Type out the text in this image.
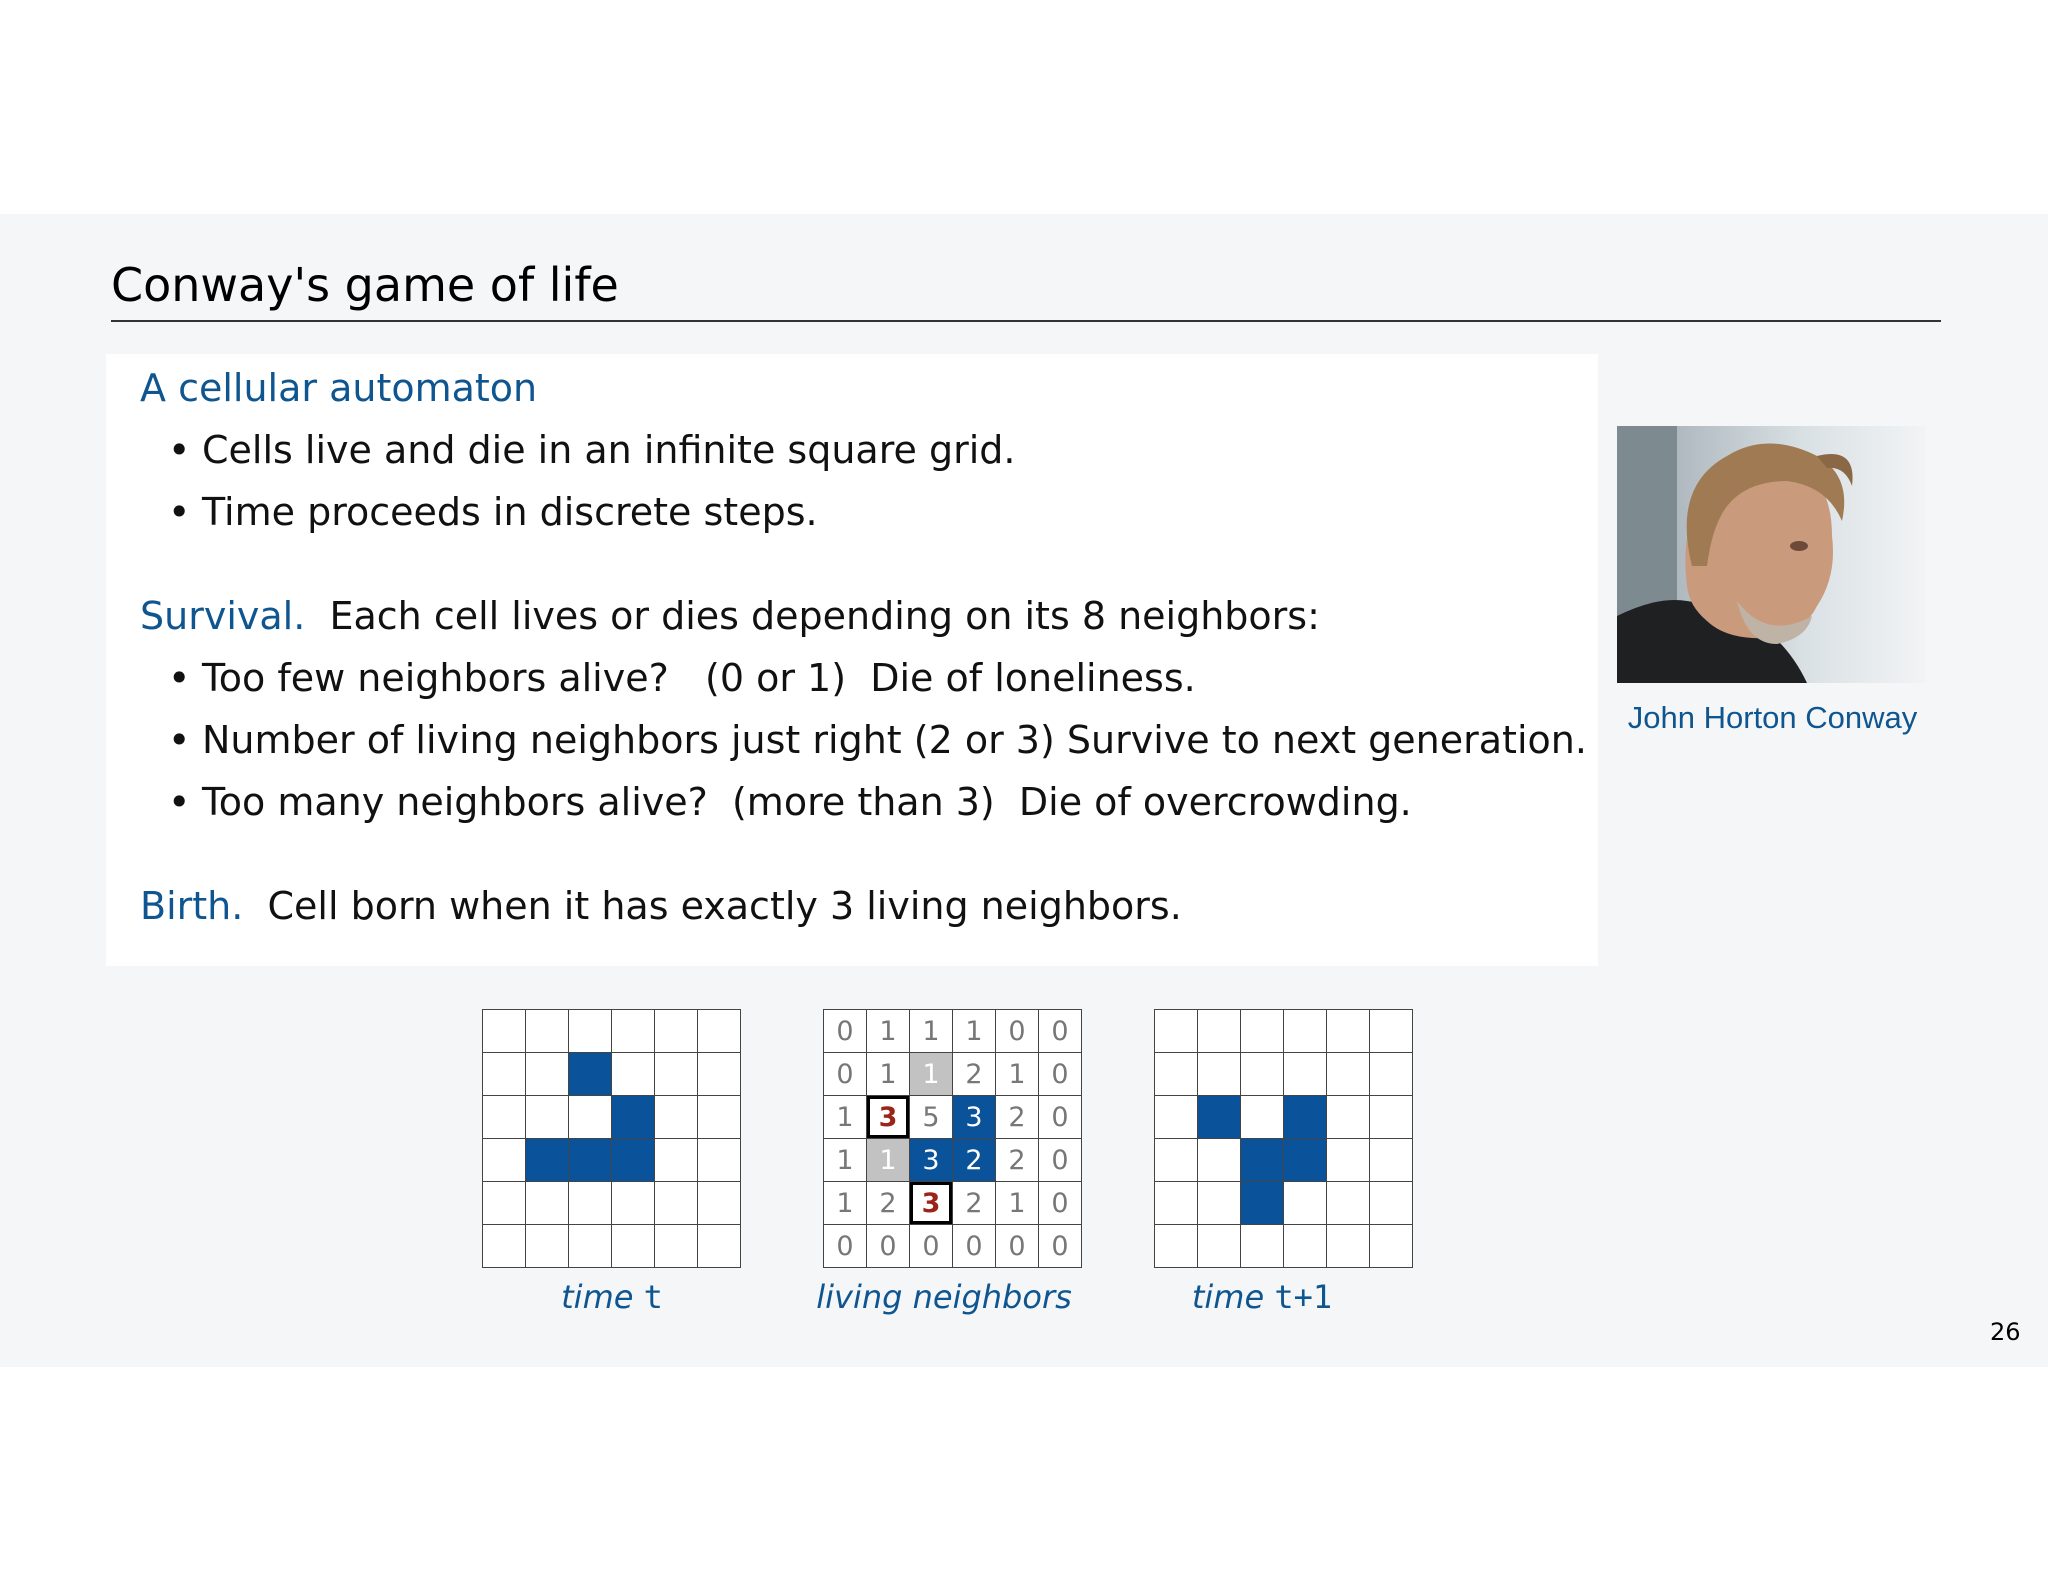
Conway's game of life
A cellular automaton
• Cells live and die in an infinite square grid.
• Time proceeds in discrete steps.
Survival. Each cell lives or dies depending on its 8 neighbors:
• Too few neighbors alive?   (0 or 1)  Die of loneliness.
• Number of living neighbors just right (2 or 3) Survive to next generation.
• Too many neighbors alive?  (more than 3)  Die of overcrowding.
Birth. Cell born when it has exactly 3 living neighbors.
John Horton Conway
0 1 1 1 0 0
0 1 1 2 1 0
1 3 5 3 2 0
1 1 3 2 2 0
1 2 3 2 1 0
0 0 0 0 0 0
time t	living neighbors	time t+1
26
